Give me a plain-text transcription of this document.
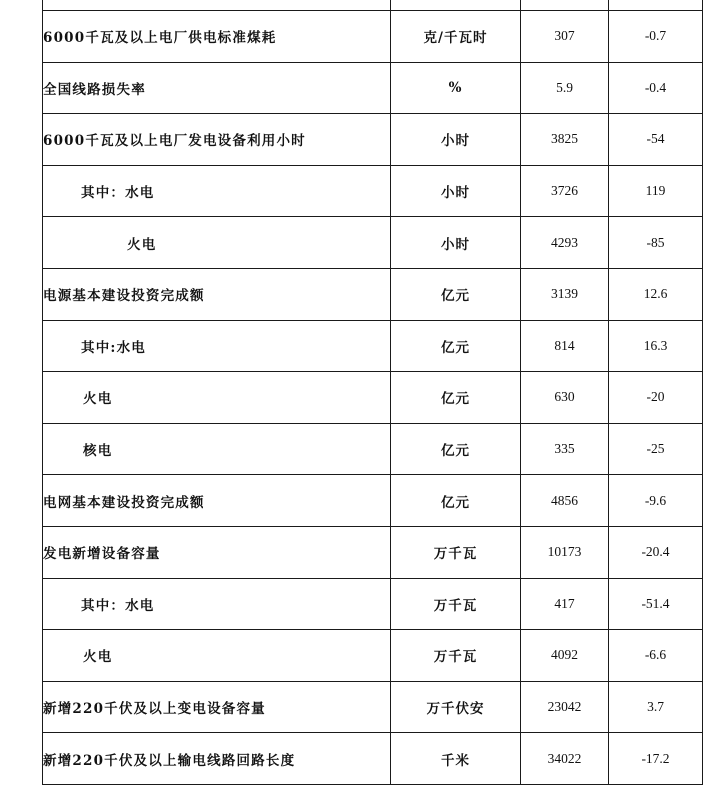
6000千瓦及以上电厂供电标准煤耗	克/千瓦时	307	-0.7
全国线路损失率	%	5.9	-0.4
6000千瓦及以上电厂发电设备利用小时	小时	3825	-54
其中：水电	小时	3726	119
火电	小时	4293	-85
电源基本建设投资完成额	亿元	3139	12.6
其中:水电	亿元	814	16.3
火电	亿元	630	-20
核电	亿元	335	-25
电网基本建设投资完成额	亿元	4856	-9.6
发电新增设备容量	万千瓦	10173	-20.4
其中：水电	万千瓦	417	-51.4
火电	万千瓦	4092	-6.6
新增220千伏及以上变电设备容量	万千伏安	23042	3.7
新增220千伏及以上输电线路回路长度	千米	34022	-17.2
